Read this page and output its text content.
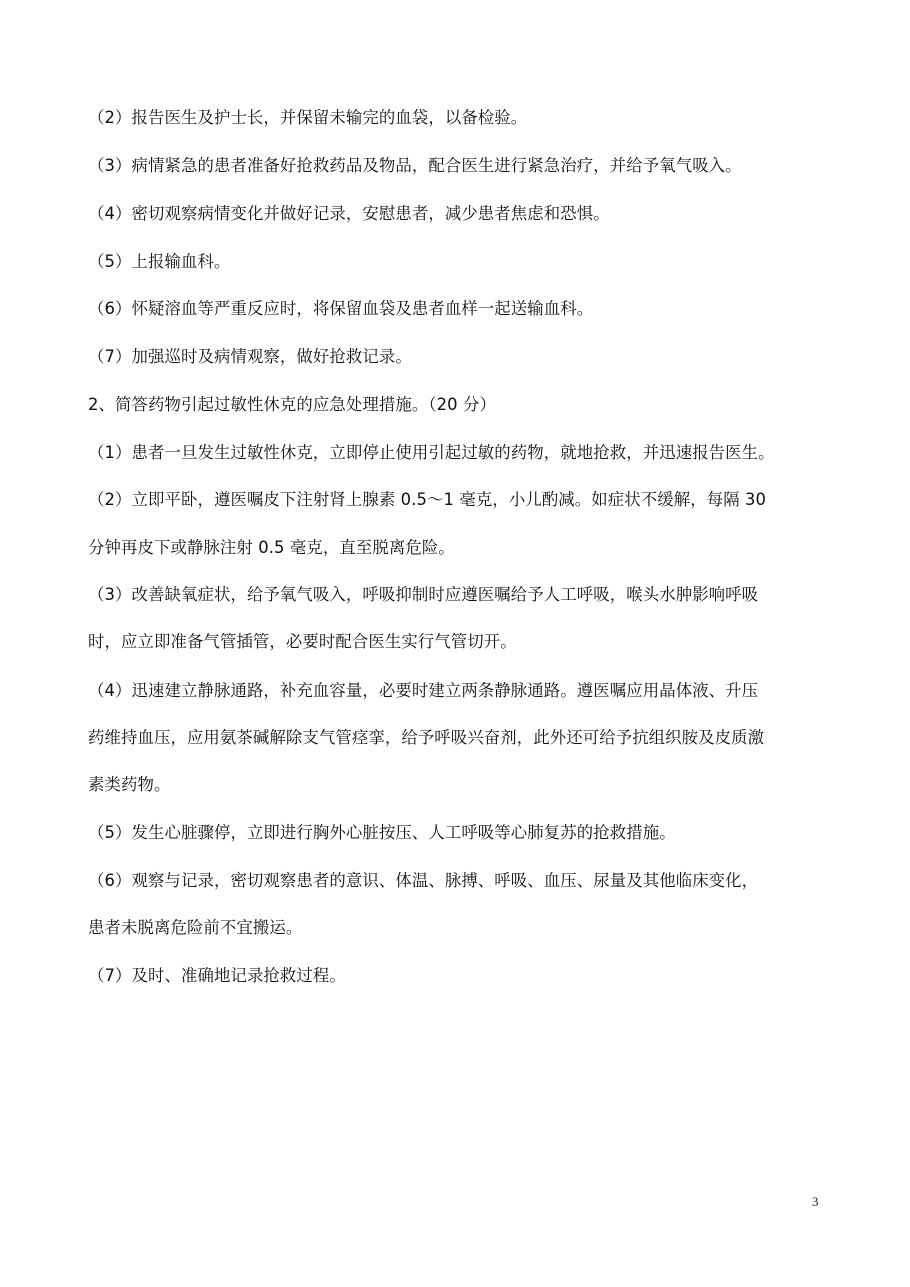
（2）报告医生及护士长，并保留未输完的血袋，以备检验。
（3）病情紧急的患者准备好抢救药品及物品，配合医生进行紧急治疗，并给予氧气吸入。
（4）密切观察病情变化并做好记录，安慰患者，减少患者焦虑和恐惧。
（5）上报输血科。
（6）怀疑溶血等严重反应时，将保留血袋及患者血样一起送输血科。
（7）加强巡时及病情观察，做好抢救记录。
2、简答药物引起过敏性休克的应急处理措施。（20 分）
（1）患者一旦发生过敏性休克，立即停止使用引起过敏的药物，就地抢救，并迅速报告医生。
（2）立即平卧，遵医嘱皮下注射肾上腺素 0.5～1 毫克，小儿酌减。如症状不缓解，每隔 30
分钟再皮下或静脉注射 0.5 毫克，直至脱离危险。
（3）改善缺氧症状，给予氧气吸入，呼吸抑制时应遵医嘱给予人工呼吸，喉头水肿影响呼吸
时，应立即准备气管插管，必要时配合医生实行气管切开。
（4）迅速建立静脉通路，补充血容量，必要时建立两条静脉通路。遵医嘱应用晶体液、升压
药维持血压，应用氨茶碱解除支气管痉挛，给予呼吸兴奋剂，此外还可给予抗组织胺及皮质激
素类药物。
（5）发生心脏骤停，立即进行胸外心脏按压、人工呼吸等心肺复苏的抢救措施。
（6）观察与记录，密切观察患者的意识、体温、脉搏、呼吸、血压、尿量及其他临床变化，
患者未脱离危险前不宜搬运。
（7）及时、准确地记录抢救过程。
3
